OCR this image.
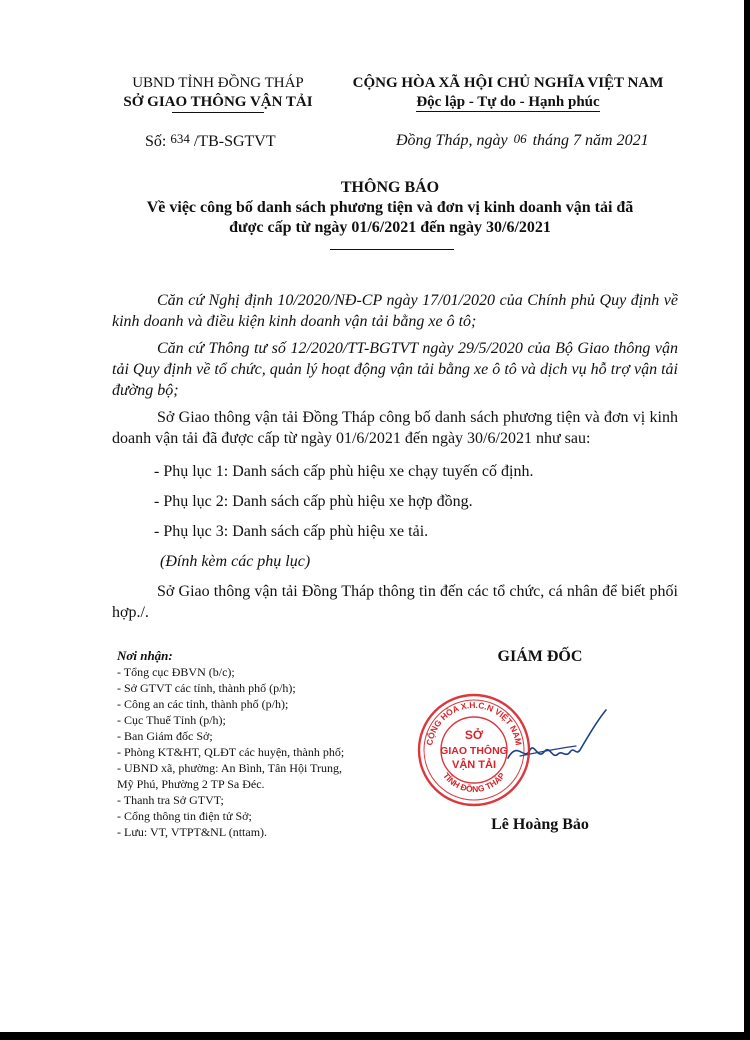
UBND TỈNH ĐỒNG THÁP
SỞ GIAO THÔNG VẬN TẢI
CỘNG HÒA XÃ HỘI CHỦ NGHĨA VIỆT NAM
Độc lập - Tự do - Hạnh phúc
Số: 634 /TB-SGTVT	Đồng Tháp, ngày 06 tháng 7 năm 2021
THÔNG BÁO
Về việc công bố danh sách phương tiện và đơn vị kinh doanh vận tải đã
được cấp từ ngày 01/6/2021 đến ngày 30/6/2021

Căn cứ Nghị định 10/2020/NĐ-CP ngày 17/01/2020 của Chính phủ Quy định về kinh doanh và điều kiện kinh doanh vận tải bằng xe ô tô;

Căn cứ Thông tư số 12/2020/TT-BGTVT ngày 29/5/2020 của Bộ Giao thông vận tải Quy định về tổ chức, quản lý hoạt động vận tải bằng xe ô tô và dịch vụ hỗ trợ vận tải đường bộ;

Sở Giao thông vận tải Đồng Tháp công bố danh sách phương tiện và đơn vị kinh doanh vận tải đã được cấp từ ngày 01/6/2021 đến ngày 30/6/2021 như sau:

- Phụ lục 1: Danh sách cấp phù hiệu xe chạy tuyến cố định.

- Phụ lục 2: Danh sách cấp phù hiệu xe hợp đồng.

- Phụ lục 3: Danh sách cấp phù hiệu xe tải.

(Đính kèm các phụ lục)

Sở Giao thông vận tải Đồng Tháp thông tin đến các tổ chức, cá nhân để biết phối hợp./.

Nơi nhận:
- Tổng cục ĐBVN (b/c);
- Sở GTVT các tỉnh, thành phố (p/h);
- Công an các tỉnh, thành phố (p/h);
- Cục Thuế Tỉnh (p/h);
- Ban Giám đốc Sở;
- Phòng KT&HT, QLĐT các huyện, thành phố;
- UBND xã, phường: An Bình, Tân Hội Trung,
Mỹ Phú, Phường 2 TP Sa Đéc.
- Thanh tra Sở GTVT;
- Cổng thông tin điện tử Sở;
- Lưu: VT, VTPT&NL (nttam).
GIÁM ĐỐC
CỘNG HÒA X.H.C.N VIỆT NAM
TỈNH ĐỒNG THÁP
SỞ
GIAO THÔNG
VẬN TẢI
Lê Hoàng Bảo
